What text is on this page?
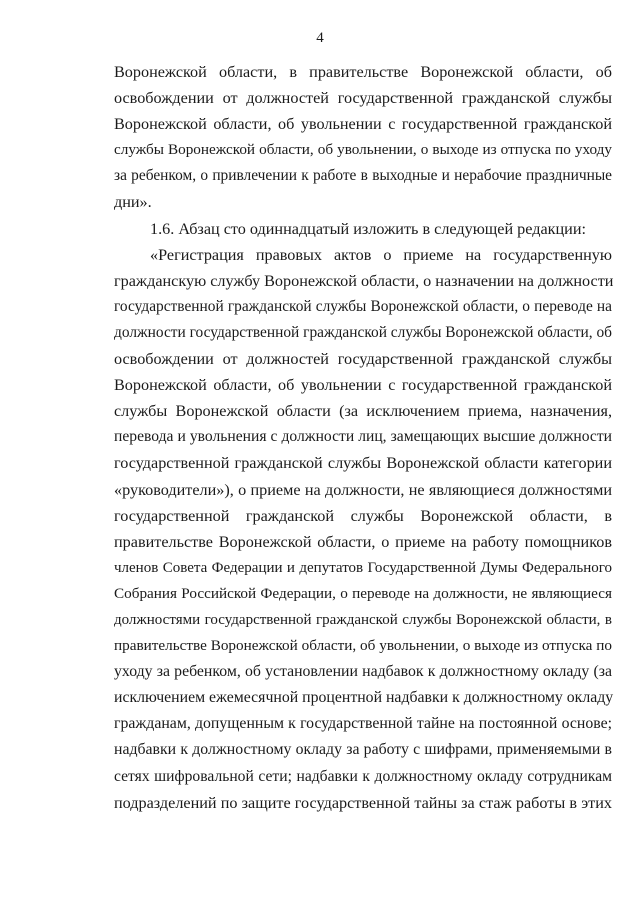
4
Воронежской области, в правительстве Воронежской области, об
освобождении от должностей государственной гражданской службы
Воронежской области, об увольнении с государственной гражданской
службы Воронежской области, об увольнении, о выходе из отпуска по уходу
за ребенком, о привлечении к работе в выходные и нерабочие праздничные
дни».
1.6. Абзац сто одиннадцатый изложить в следующей редакции:
«Регистрация правовых актов о приеме на государственную
гражданскую службу Воронежской области, о назначении на должности
государственной гражданской службы Воронежской области, о переводе на
должности государственной гражданской службы Воронежской области, об
освобождении от должностей государственной гражданской службы
Воронежской области, об увольнении с государственной гражданской
службы Воронежской области (за исключением приема, назначения,
перевода и увольнения с должности лиц, замещающих высшие должности
государственной гражданской службы Воронежской области категории
«руководители»), о приеме на должности, не являющиеся должностями
государственной гражданской службы Воронежской области, в
правительстве Воронежской области, о приеме на работу помощников
членов Совета Федерации и депутатов Государственной Думы Федерального
Собрания Российской Федерации, о переводе на должности, не являющиеся
должностями государственной гражданской службы Воронежской области, в
правительстве Воронежской области, об увольнении, о выходе из отпуска по
уходу за ребенком, об установлении надбавок к должностному окладу (за
исключением ежемесячной процентной надбавки к должностному окладу
гражданам, допущенным к государственной тайне на постоянной основе;
надбавки к должностному окладу за работу с шифрами, применяемыми в
сетях шифровальной сети; надбавки к должностному окладу сотрудникам
подразделений по защите государственной тайны за стаж работы в этих
